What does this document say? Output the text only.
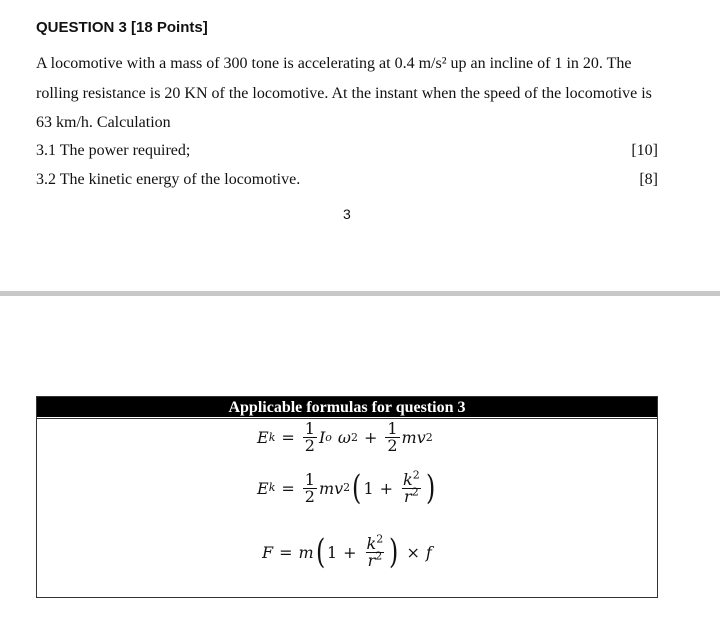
QUESTION 3 [18 Points]
A locomotive with a mass of 300 tone is accelerating at 0.4 m/s² up an incline of 1 in 20. The rolling resistance is 20 KN of the locomotive. At the instant when the speed of the locomotive is 63 km/h. Calculation
3.1 The power required;	[10]
3.2 The kinetic energy of the locomotive.	[8]
3
Applicable formulas for question 3
E $k = \frac{1}{2}$ I o ω $2 + \frac{1}{2}$ mv 2
E $k = \frac{1}{2}$ mv 2 ( $1 + \frac{k^2}{r^2}$ )
F = m ( $1 + \frac{k^2}{r^2}$ ) × f
